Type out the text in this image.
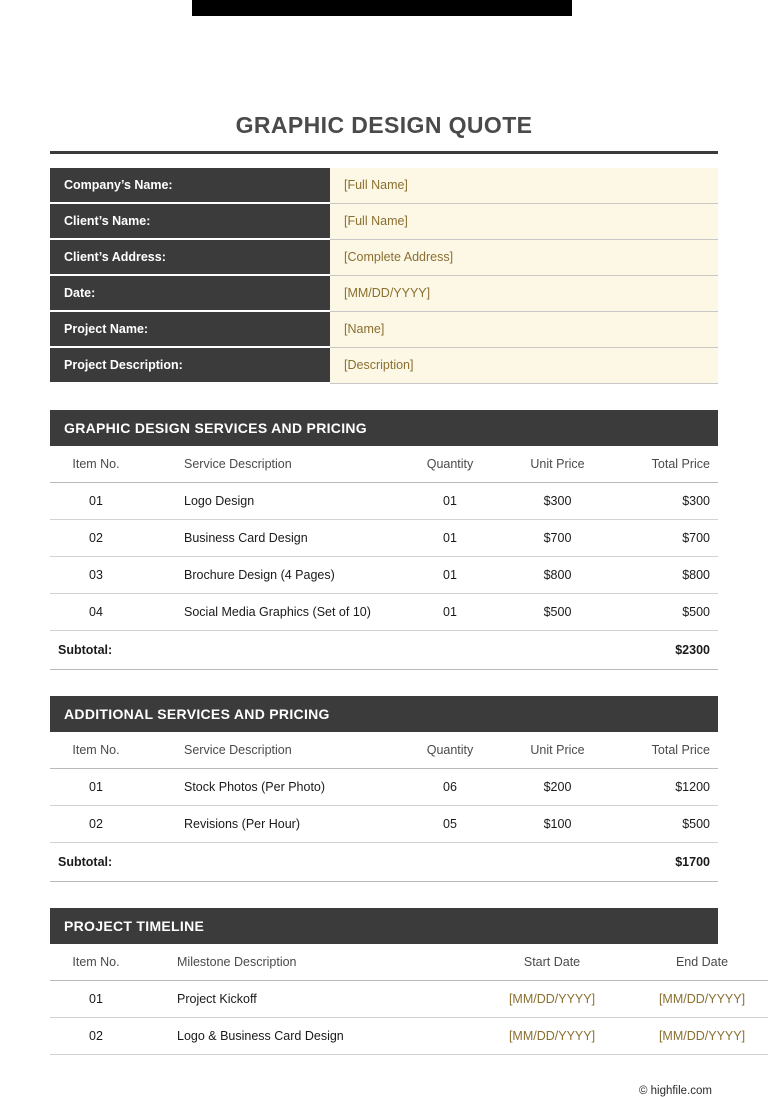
GRAPHIC DESIGN QUOTE
Company’s Name:	[Full Name]
Client’s Name:	[Full Name]
Client’s Address:	[Complete Address]
Date:	[MM/DD/YYYY]
Project Name:	[Name]
Project Description:	[Description]
GRAPHIC DESIGN SERVICES AND PRICING
Item No.	Service Description	Quantity	Unit Price	Total Price
01	Logo Design	01	$300	$300
02	Business Card Design	01	$700	$700
03	Brochure Design (4 Pages)	01	$800	$800
04	Social Media Graphics (Set of 10)	01	$500	$500
Subtotal:				$2300
ADDITIONAL SERVICES AND PRICING
Item No.	Service Description	Quantity	Unit Price	Total Price
01	Stock Photos (Per Photo)	06	$200	$1200
02	Revisions (Per Hour)	05	$100	$500
Subtotal:				$1700
PROJECT TIMELINE
Item No.	Milestone Description	Start Date	End Date
01	Project Kickoff	[MM/DD/YYYY]	[MM/DD/YYYY]
02	Logo & Business Card Design	[MM/DD/YYYY]	[MM/DD/YYYY]
© highfile.com
